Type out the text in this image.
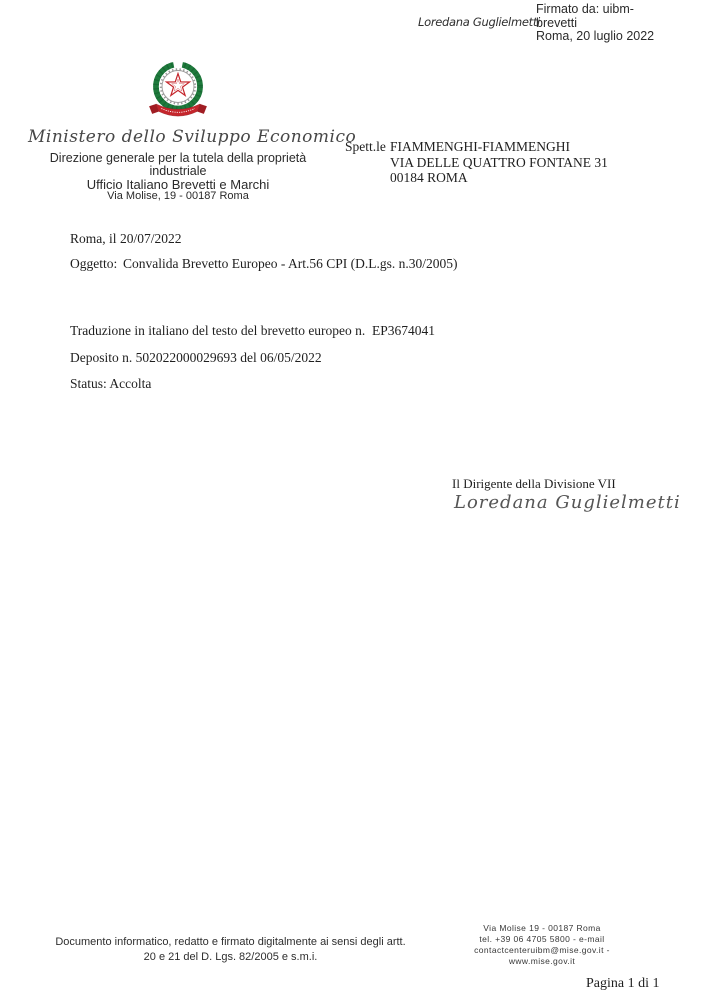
Loredana Guglielmetti
Firmato da: uibm-
brevetti
Roma, 20 luglio 2022
Ministero dello Sviluppo Economico
Direzione generale per la tutela della proprietà
industriale
Ufficio Italiano Brevetti e Marchi
Via Molise, 19 - 00187 Roma
Spett.le FIAMMENGHI-FIAMMENGHI
VIA DELLE QUATTRO FONTANE 31
00184 ROMA
Roma, il 20/07/2022
Oggetto: Convalida Brevetto Europeo - Art.56 CPI (D.L.gs. n.30/2005)
Traduzione in italiano del testo del brevetto europeo n.  EP3674041
Deposito n. 502022000029693 del 06/05/2022
Status: Accolta
Il Dirigente della Divisione VII
Loredana Guglielmetti
Documento informatico, redatto e firmato digitalmente ai sensi degli artt.
20 e 21 del D. Lgs. 82/2005 e s.m.i.
Via Molise 19 - 00187 Roma
tel. +39 06 4705 5800 - e-mail
contactcenteruibm@mise.gov.it -
www.mise.gov.it
Pagina 1 di 1
